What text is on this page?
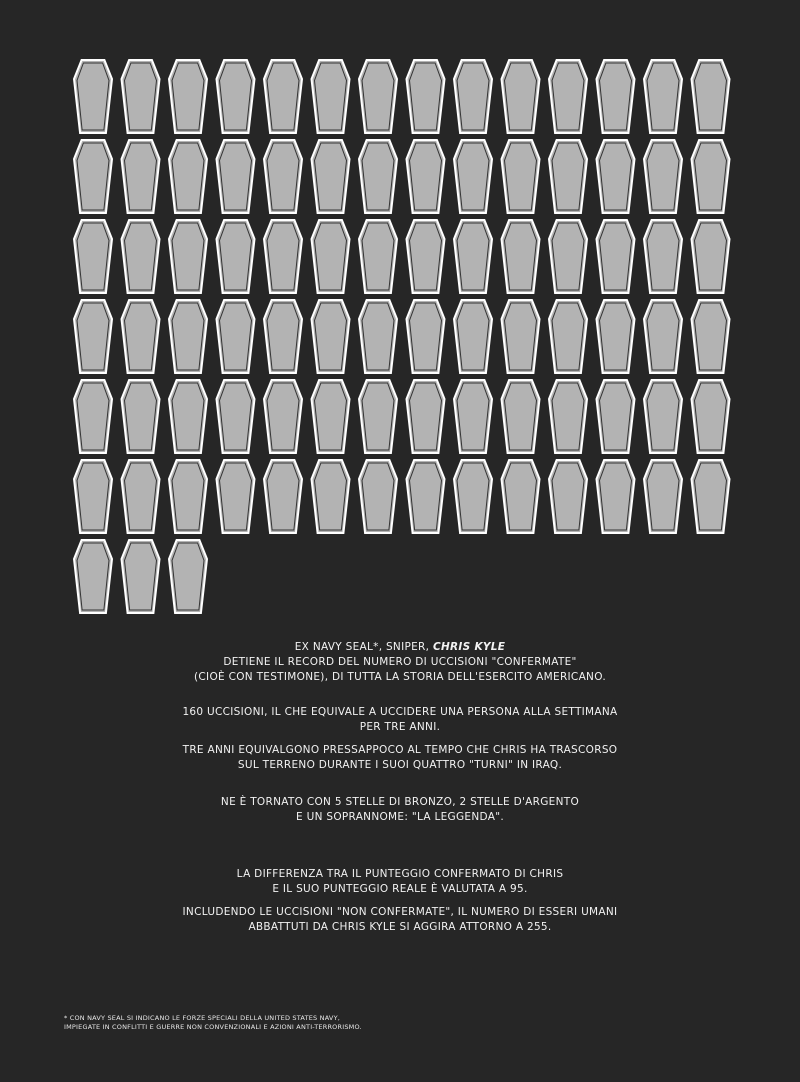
EX NAVY SEAL*, SNIPER, CHRIS KYLE

DETIENE IL RECORD DEL NUMERO DI UCCISIONI "CONFERMATE"

(CIOÈ CON TESTIMONE), DI TUTTA LA STORIA DELL'ESERCITO AMERICANO.

160 UCCISIONI, IL CHE EQUIVALE A UCCIDERE UNA PERSONA ALLA SETTIMANA

PER TRE ANNI.

TRE ANNI EQUIVALGONO PRESSAPPOCO AL TEMPO CHE CHRIS HA TRASCORSO

SUL TERRENO DURANTE I SUOI QUATTRO "TURNI" IN IRAQ.

NE È TORNATO CON 5 STELLE DI BRONZO, 2 STELLE D'ARGENTO

E UN SOPRANNOME: "LA LEGGENDA".

LA DIFFERENZA TRA IL PUNTEGGIO CONFERMATO DI CHRIS

E IL SUO PUNTEGGIO REALE È VALUTATA A 95.

INCLUDENDO LE UCCISIONI "NON CONFERMATE", IL NUMERO DI ESSERI UMANI

ABBATTUTI DA CHRIS KYLE SI AGGIRA ATTORNO A 255.

* CON NAVY SEAL SI INDICANO LE FORZE SPECIALI DELLA UNITED STATES NAVY,

IMPIEGATE IN CONFLITTI E GUERRE NON CONVENZIONALI E AZIONI ANTI-TERRORISMO.
